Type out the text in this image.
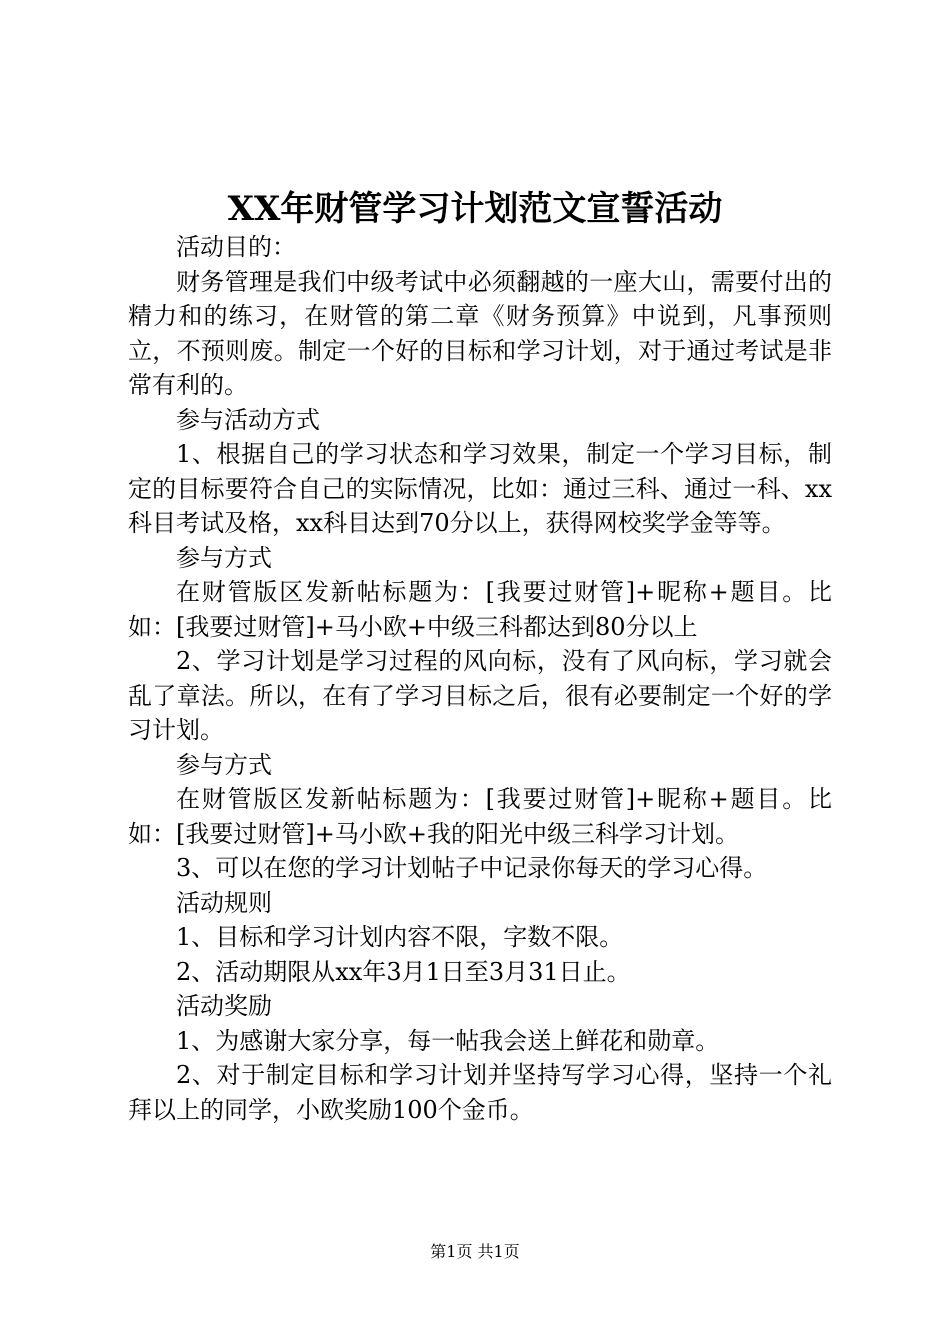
XX年财管学习计划范文宣誓活动

活动目的：

财务管理是我们中级考试中必须翻越的一座大山，需要付出的精力和的练习，在财管的第二章《财务预算》中说到，凡事预则立，不预则废。制定一个好的目标和学习计划，对于通过考试是非常有利的。

参与活动方式

1、根据自己的学习状态和学习效果，制定一个学习目标，制定的目标要符合自己的实际情况，比如：通过三科、通过一科、xx科目考试及格，xx科目达到70分以上，获得网校奖学金等等。

参与方式

在财管版区发新帖标题为：[我要过财管]+昵称+题目。比如：[我要过财管]+马小欧+中级三科都达到80分以上

2、学习计划是学习过程的风向标，没有了风向标，学习就会乱了章法。所以，在有了学习目标之后，很有必要制定一个好的学习计划。

参与方式

在财管版区发新帖标题为：[我要过财管]+昵称+题目。比如：[我要过财管]+马小欧+我的阳光中级三科学习计划。

3、可以在您的学习计划帖子中记录你每天的学习心得。

活动规则

1、目标和学习计划内容不限，字数不限。

2、活动期限从xx年3月1日至3月31日止。

活动奖励

1、为感谢大家分享，每一帖我会送上鲜花和勋章。

2、对于制定目标和学习计划并坚持写学习心得，坚持一个礼拜以上的同学，小欧奖励100个金币。

第1页 共1页
